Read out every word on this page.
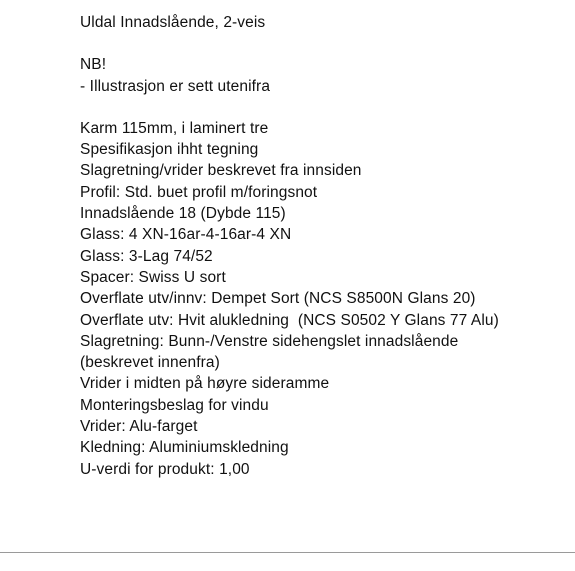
Uldal Innadslående, 2-veis
NB!
- Illustrasjon er sett utenifra
Karm 115mm, i laminert tre
Spesifikasjon ihht tegning
Slagretning/vrider beskrevet fra innsiden
Profil: Std. buet profil m/foringsnot
Innadslående 18 (Dybde 115)
Glass: 4 XN-16ar-4-16ar-4 XN
Glass: 3-Lag 74/52
Spacer: Swiss U sort
Overflate utv/innv: Dempet Sort (NCS S8500N Glans 20)
Overflate utv: Hvit alukledning  (NCS S0502 Y Glans 77 Alu)
Slagretning: Bunn-/Venstre sidehengslet innadslående (beskrevet innenfra)
Vrider i midten på høyre sideramme
Monteringsbeslag for vindu
Vrider: Alu-farget
Kledning: Aluminiumskledning
U-verdi for produkt: 1,00
